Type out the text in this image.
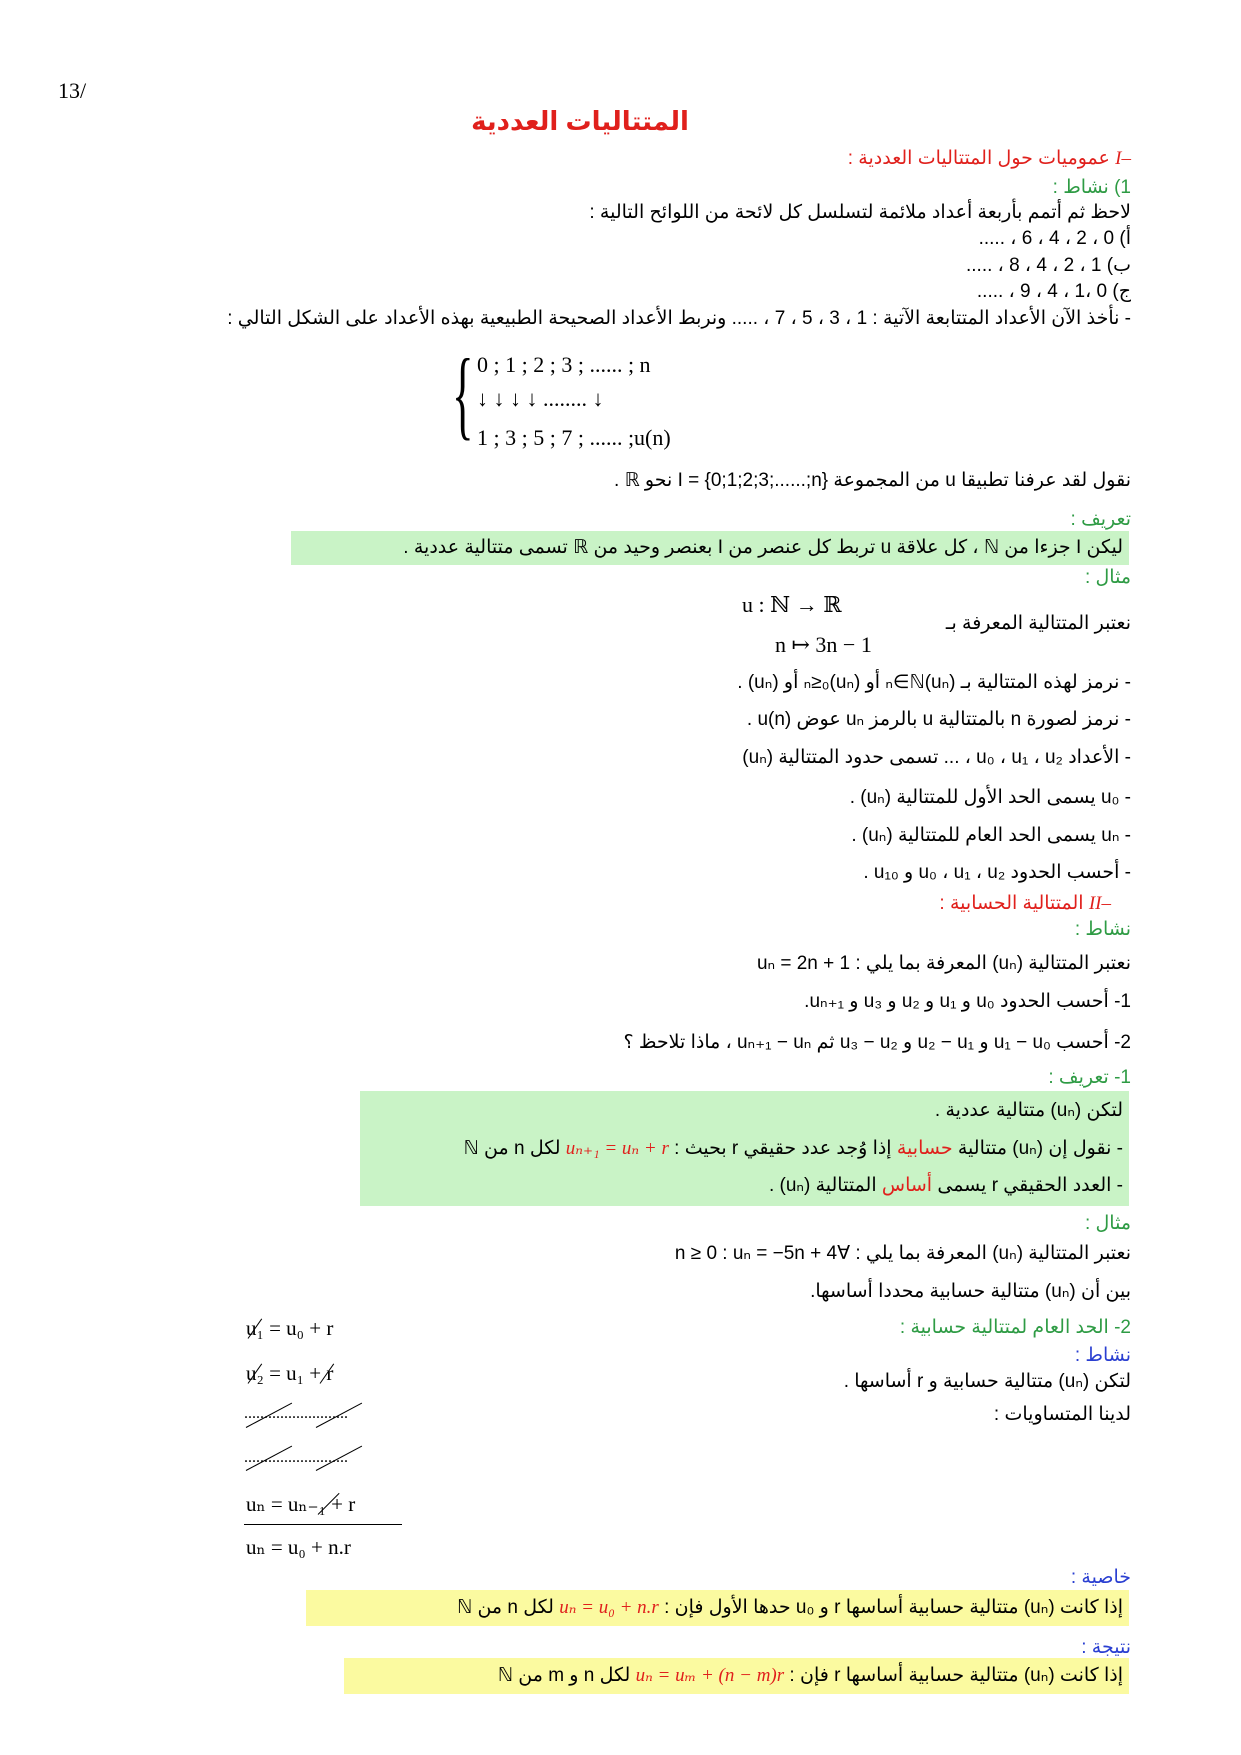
13/
المتتاليات العددية
–I عموميات حول المتتاليات العددية :
1) نشاط :
لاحظ ثم أتمم بأربعة أعداد ملائمة لتسلسل كل لائحة من اللوائح التالية :
أ) 0 ، 2 ، 4 ، 6 ، .....
ب) 1 ، 2 ، 4 ، 8 ، .....
ج) 0 ،1 ، 4 ، 9 ، .....
- نأخذ الآن الأعداد المتتابعة الآتية : 1 ، 3 ، 5 ، 7 ، ..... ونربط الأعداد الصحيحة الطبيعية بهذه الأعداد على الشكل التالي :
{ 0 ; 1 ; 2 ; 3 ; ...... ; n
↓ ↓ ↓ ↓ ........ ↓
1 ; 3 ; 5 ; 7 ; ...... ;u(n)
نقول لقد عرفنا تطبيقا u من المجموعة I = {0;1;2;3;......;n} نحو ℝ .
تعريف :
ليكن I جزءا من ℕ ، كل علاقة u تربط كل عنصر من I بعنصر وحيد من ℝ تسمى متتالية عددية .
مثال :
نعتبر المتتالية المعرفة بـ
u : ℕ → ℝ
n ↦ 3n − 1
- نرمز لهذه المتتالية بـ (uₙ)ₙ∈ℕ أو (uₙ)ₙ≥₀ أو (uₙ) .
- نرمز لصورة n بالمتتالية u بالرمز uₙ عوض u(n) .
- الأعداد u₀ ، u₁ ، u₂ ، ... تسمى حدود المتتالية (uₙ)
- u₀ يسمى الحد الأول للمتتالية (uₙ) .
- uₙ يسمى الحد العام للمتتالية (uₙ) .
- أحسب الحدود u₀ ، u₁ ، u₂ و u₁₀ .
–II المتتالية الحسابية :
نشاط :
نعتبر المتتالية (uₙ) المعرفة بما يلي : uₙ = 2n + 1
1- أحسب الحدود u₀ و u₁ و u₂ و u₃ و uₙ₊₁.
2- أحسب u₁ − u₀ و u₂ − u₁ و u₃ − u₂ ثم uₙ₊₁ − uₙ ، ماذا تلاحظ ؟
1- تعريف :
لتكن (uₙ) متتالية عددية .
- نقول إن (uₙ) متتالية حسابية إذا وُجد عدد حقيقي r بحيث : uₙ₊₁ = uₙ + r لكل n من ℕ
- العدد الحقيقي r يسمى أساس المتتالية (uₙ) .
مثال :
نعتبر المتتالية (uₙ) المعرفة بما يلي : ∀n ≥ 0 : uₙ = −5n + 4
بين أن (uₙ) متتالية حسابية محددا أساسها.
2- الحد العام لمتتالية حسابية :
نشاط :
لتكن (uₙ) متتالية حسابية و r أساسها .
لدينا المتساويات :
u₁ = u₀ + r
u₂ = u₁ + r
..........................
..........................
uₙ = uₙ₋₁ + r
uₙ = u₀ + n.r
خاصية :
إذا كانت (uₙ) متتالية حسابية أساسها r و u₀ حدها الأول فإن : uₙ = u₀ + n.r لكل n من ℕ
نتيجة :
إذا كانت (uₙ) متتالية حسابية أساسها r فإن : uₙ = uₘ + (n − m)r لكل n و m من ℕ
